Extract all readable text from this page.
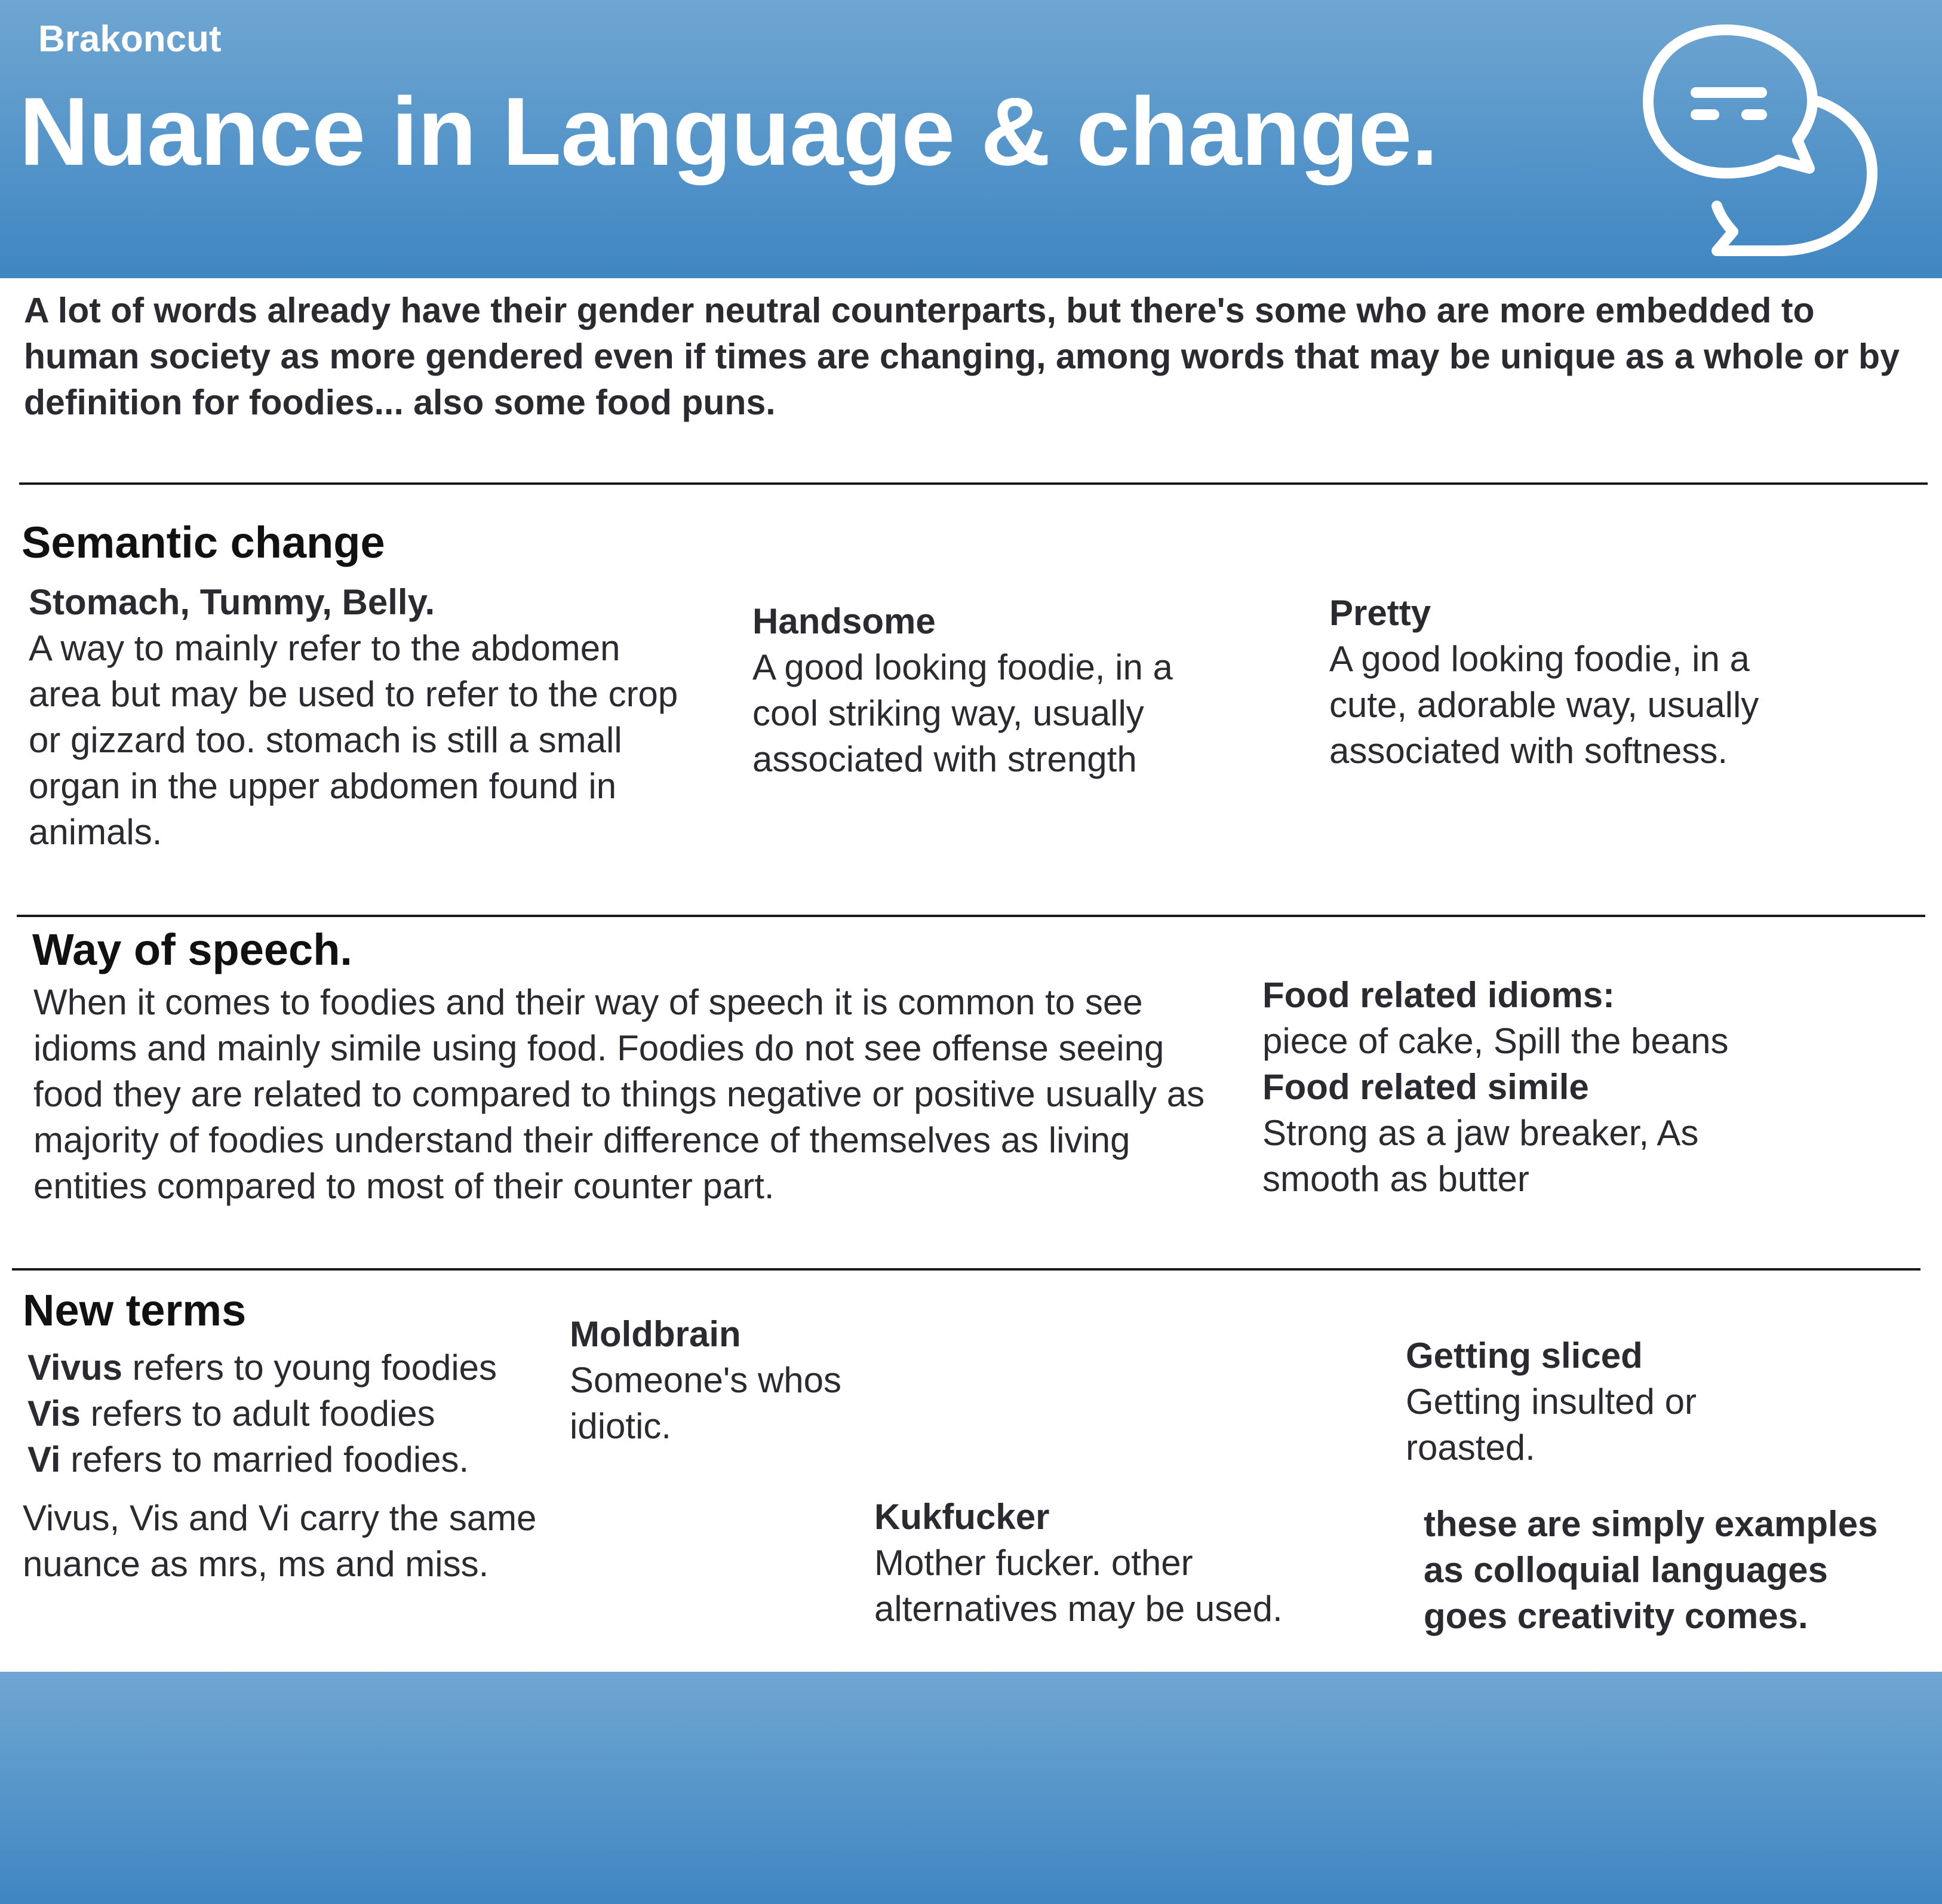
Brakoncut
Nuance in Language & change.
A lot of words already have their gender neutral counterparts, but there's some who are more embedded to human society as more gendered even if times are changing, among words that may be unique as a whole or by definition for foodies... also some food puns.
Semantic change
Stomach, Tummy, Belly.
A way to mainly refer to the abdomen area but may be used to refer to the crop or gizzard too. stomach is still a small organ in the upper abdomen found in animals.
Handsome
A good looking foodie, in a cool striking way, usually associated with strength
Pretty
A good looking foodie, in a cute, adorable way, usually associated with softness.
Way of speech.
When it comes to foodies and their way of speech it is common to see idioms and mainly simile using food. Foodies do not see offense seeing food they are related to compared to things negative or positive usually as majority of foodies understand their difference of themselves as living entities compared to most of their counter part.
Food related idioms:
piece of cake, Spill the beans
Food related simile
Strong as a jaw breaker, As smooth as butter
New terms
Vivus refers to young foodies
Vis refers to adult foodies
Vi refers to married foodies.
Vivus, Vis and Vi carry the same nuance as mrs, ms and miss.
Moldbrain
Someone's whos idiotic.
Kukfucker
Mother fucker. other alternatives may be used.
Getting sliced
Getting insulted or roasted.
these are simply examples as colloquial languages goes creativity comes.
